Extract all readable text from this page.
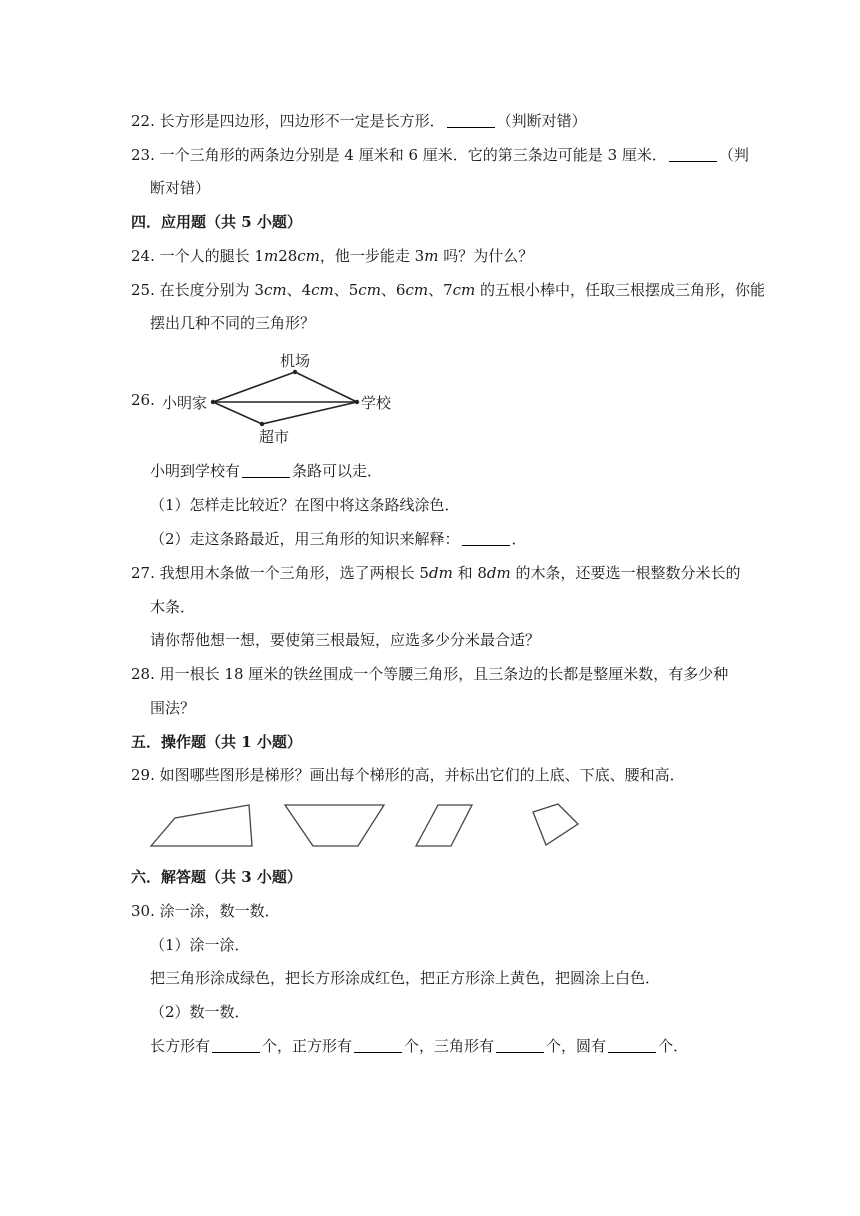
22. 长方形是四边形，四边形不一定是长方形．	（判断对错）
23. 一个三角形的两条边分别是 4 厘米和 6 厘米．它的第三条边可能是 3 厘米．	（判
断对错）
四．应用题（共 5 小题）
24. 一个人的腿长 1m28cm，他一步能走 3m 吗？为什么？
25. 在长度分别为 3cm、4cm、5cm、6cm、7cm 的五根小棒中，任取三根摆成三角形，你能
摆出几种不同的三角形？
26. 小明家
机场
学校
超市
小明到学校有	条路可以走．
（1）怎样走比较近？在图中将这条路线涂色．
（2）走这条路最近，用三角形的知识来解释：	．
27. 我想用木条做一个三角形，选了两根长 5dm 和 8dm 的木条，还要选一根整数分米长的
木条．
请你帮他想一想，要使第三根最短，应选多少分米最合适？
28. 用一根长 18 厘米的铁丝围成一个等腰三角形，且三条边的长都是整厘米数，有多少种
围法？
五．操作题（共 1 小题）
29. 如图哪些图形是梯形？画出每个梯形的高，并标出它们的上底、下底、腰和高．
六．解答题（共 3 小题）
30. 涂一涂，数一数．
（1）涂一涂．
把三角形涂成绿色，把长方形涂成红色，把正方形涂上黄色，把圆涂上白色．
（2）数一数．
长方形有	个，正方形有	个，三角形有	个，圆有	个．
